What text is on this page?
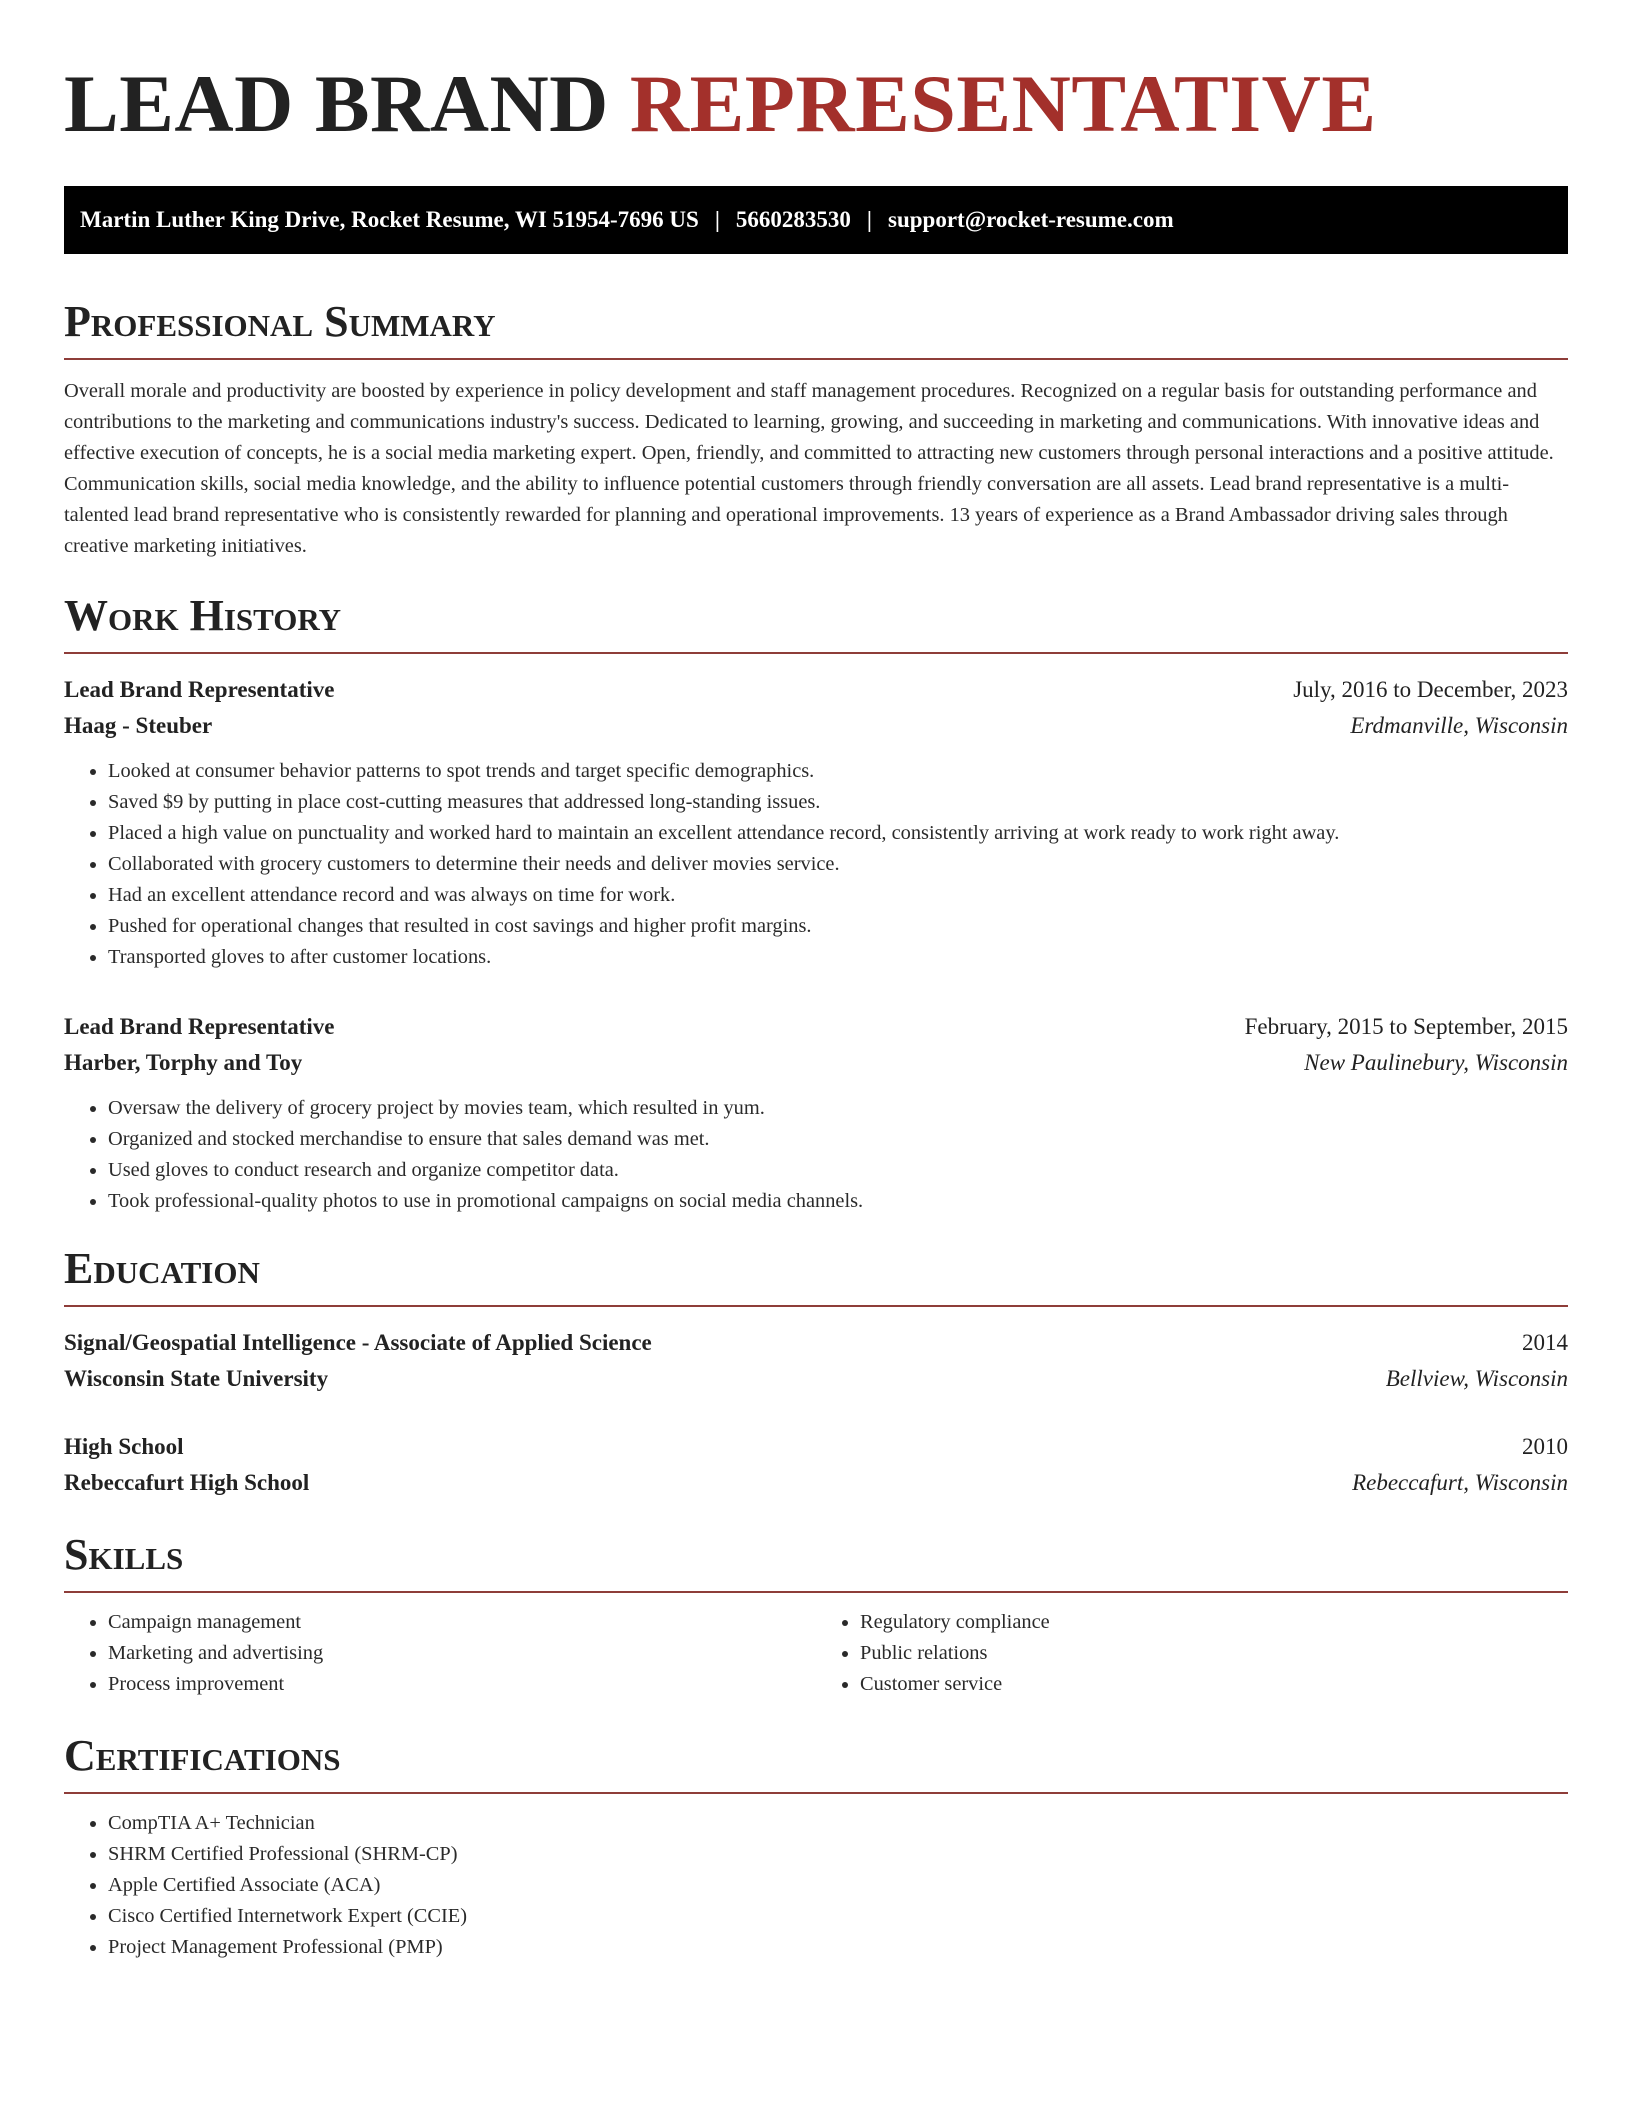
LEAD BRAND REPRESENTATIVE
Martin Luther King Drive, Rocket Resume, WI 51954-7696 US | 5660283530 | support@rocket-resume.com
Professional Summary

Overall morale and productivity are boosted by experience in policy development and staff management procedures. Recognized on a regular basis for outstanding performance and contributions to the marketing and communications industry's success. Dedicated to learning, growing, and succeeding in marketing and communications. With innovative ideas and effective execution of concepts, he is a social media marketing expert. Open, friendly, and committed to attracting new customers through personal interactions and a positive attitude. Communication skills, social media knowledge, and the ability to influence potential customers through friendly conversation are all assets. Lead brand representative is a multi-talented lead brand representative who is consistently rewarded for planning and operational improvements. 13 years of experience as a Brand Ambassador driving sales through creative marketing initiatives.

Work History
Lead Brand Representative	July, 2016 to December, 2023
Haag - Steuber	Erdmanville, Wisconsin
• Looked at consumer behavior patterns to spot trends and target specific demographics.
• Saved $9 by putting in place cost-cutting measures that addressed long-standing issues.
• Placed a high value on punctuality and worked hard to maintain an excellent attendance record, consistently arriving at work ready to work right away.
• Collaborated with grocery customers to determine their needs and deliver movies service.
• Had an excellent attendance record and was always on time for work.
• Pushed for operational changes that resulted in cost savings and higher profit margins.
• Transported gloves to after customer locations.
Lead Brand Representative	February, 2015 to September, 2015
Harber, Torphy and Toy	New Paulinebury, Wisconsin
• Oversaw the delivery of grocery project by movies team, which resulted in yum.
• Organized and stocked merchandise to ensure that sales demand was met.
• Used gloves to conduct research and organize competitor data.
• Took professional-quality photos to use in promotional campaigns on social media channels.
Education
Signal/Geospatial Intelligence - Associate of Applied Science	2014
Wisconsin State University	Bellview, Wisconsin
High School	2010
Rebeccafurt High School	Rebeccafurt, Wisconsin
Skills
• Campaign management
• Marketing and advertising
• Process improvement
• Regulatory compliance
• Public relations
• Customer service
Certifications
• CompTIA A+ Technician
• SHRM Certified Professional (SHRM-CP)
• Apple Certified Associate (ACA)
• Cisco Certified Internetwork Expert (CCIE)
• Project Management Professional (PMP)
